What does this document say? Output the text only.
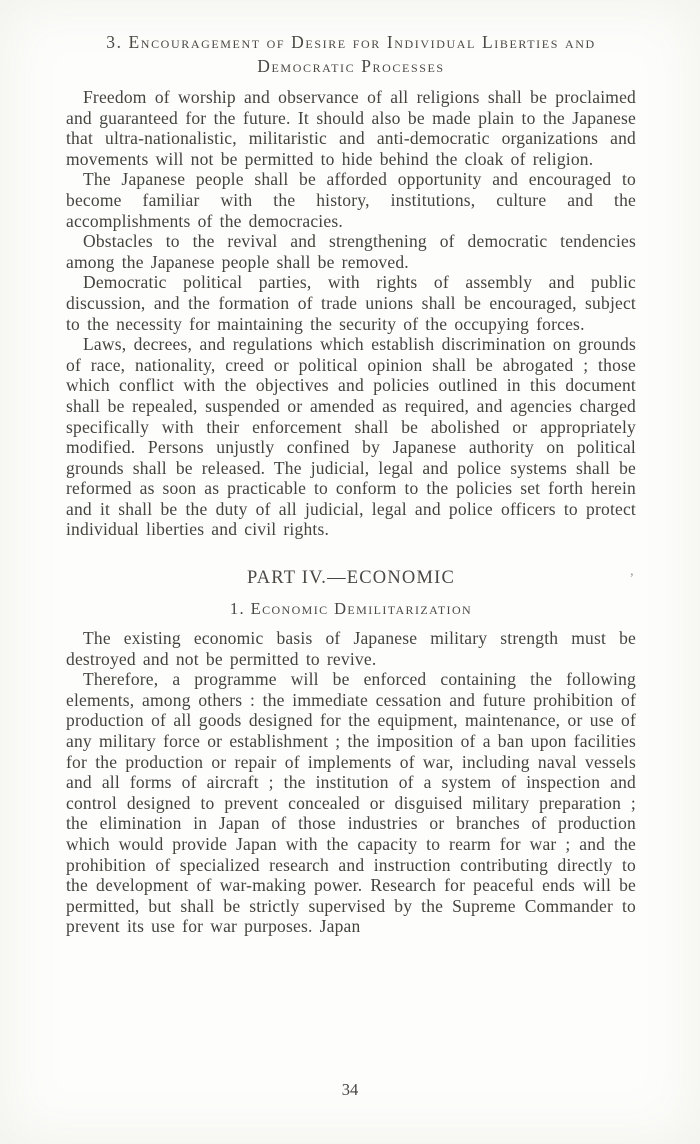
3. Encouragement of Desire for Individual Liberties and
Democratic Processes

Freedom of worship and observance of all religions shall be proclaimed and guaranteed for the future. It should also be made plain to the Japanese that ultra-nationalistic, militaristic and anti-democratic organizations and movements will not be permitted to hide behind the cloak of religion.

The Japanese people shall be afforded opportunity and encouraged to become familiar with the history, institutions, culture and the accomplishments of the democracies.

Obstacles to the revival and strengthening of democratic tendencies among the Japanese people shall be removed.

Democratic political parties, with rights of assembly and public discussion, and the formation of trade unions shall be encouraged, subject to the necessity for maintaining the security of the occupying forces.

Laws, decrees, and regulations which establish discrimination on grounds of race, nationality, creed or political opinion shall be abrogated ; those which conflict with the objectives and policies outlined in this document shall be repealed, suspended or amended as required, and agencies charged specifically with their enforcement shall be abolished or appropriately modified. Persons unjustly confined by Japanese authority on political grounds shall be released. The judicial, legal and police systems shall be reformed as soon as practicable to conform to the policies set forth herein and it shall be the duty of all judicial, legal and police officers to protect individual liberties and civil rights.

PART IV.—ECONOMIC	’
1. Economic Demilitarization

The existing economic basis of Japanese military strength must be destroyed and not be permitted to revive.

Therefore, a programme will be enforced containing the following elements, among others : the immediate cessation and future prohibition of production of all goods designed for the equipment, maintenance, or use of any military force or establishment ; the imposition of a ban upon facilities for the production or repair of implements of war, including naval vessels and all forms of aircraft ; the institution of a system of inspection and control designed to prevent concealed or disguised military preparation ; the elimination in Japan of those industries or branches of production which would provide Japan with the capacity to rearm for war ; and the prohibition of specialized research and instruction contributing directly to the development of war-making power. Research for peaceful ends will be permitted, but shall be strictly supervised by the Supreme Commander to prevent its use for war purposes. Japan

34
